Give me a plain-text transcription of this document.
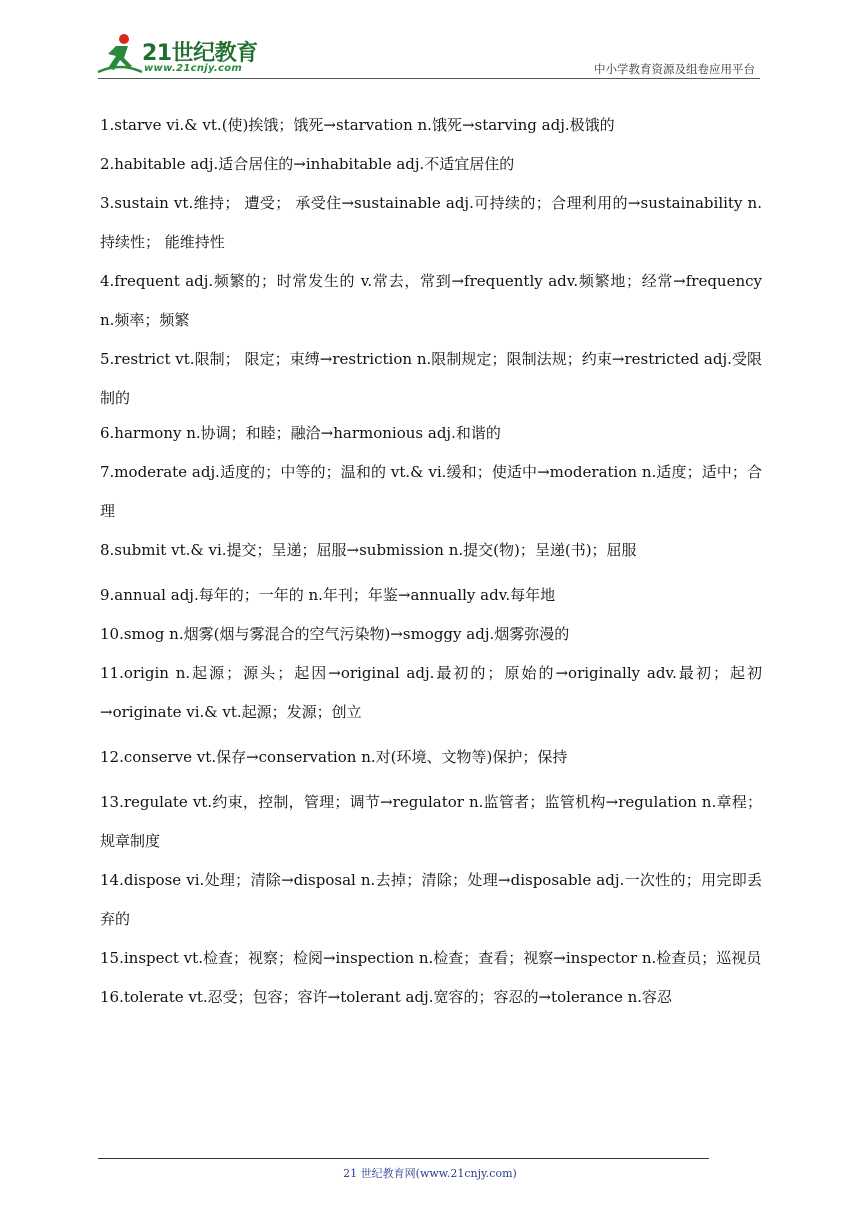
21世纪教育
www.21cnjy.com	中小学教育资源及组卷应用平台

1.starve vi.& vt.(使)挨饿；饿死→starvation n.饿死→starving adj.极饿的

2.habitable adj.适合居住的→inhabitable adj.不适宜居住的

3.sustain vt.维持； 遭受； 承受住→sustainable adj.可持续的；合理利用的→sustainability n.持续性； 能维持性

4.frequent adj.频繁的；时常发生的 v.常去，常到→frequently adv.频繁地；经常→frequency n.频率；频繁

5.restrict vt.限制； 限定；束缚→restriction n.限制规定；限制法规；约束→restricted adj.受限制的

6.harmony n.协调；和睦；融洽→harmonious adj.和谐的

7.moderate adj.适度的；中等的；温和的 vt.& vi.缓和；使适中→moderation n.适度；适中；合理

8.submit vt.& vi.提交；呈递；屈服→submission n.提交(物)；呈递(书)；屈服

9.annual adj.每年的；一年的 n.年刊；年鉴→annually adv.每年地

10.smog n.烟雾(烟与雾混合的空气污染物)→smoggy adj.烟雾弥漫的

11.origin n.起源；源头；起因→original adj.最初的；原始的→originally adv.最初；起初→originate vi.& vt.起源；发源；创立

12.conserve vt.保存→conservation n.对(环境、文物等)保护；保持

13.regulate vt.约束，控制，管理；调节→regulator n.监管者；监管机构→regulation n.章程；规章制度

14.dispose vi.处理；清除→disposal n.去掉；清除；处理→disposable adj.一次性的；用完即丢弃的

15.inspect vt.检查；视察；检阅→inspection n.检查；查看；视察→inspector n.检查员；巡视员

16.tolerate vt.忍受；包容；容许→tolerant adj.宽容的；容忍的→tolerance n.容忍

21 世纪教育网(www.21cnjy.com)
